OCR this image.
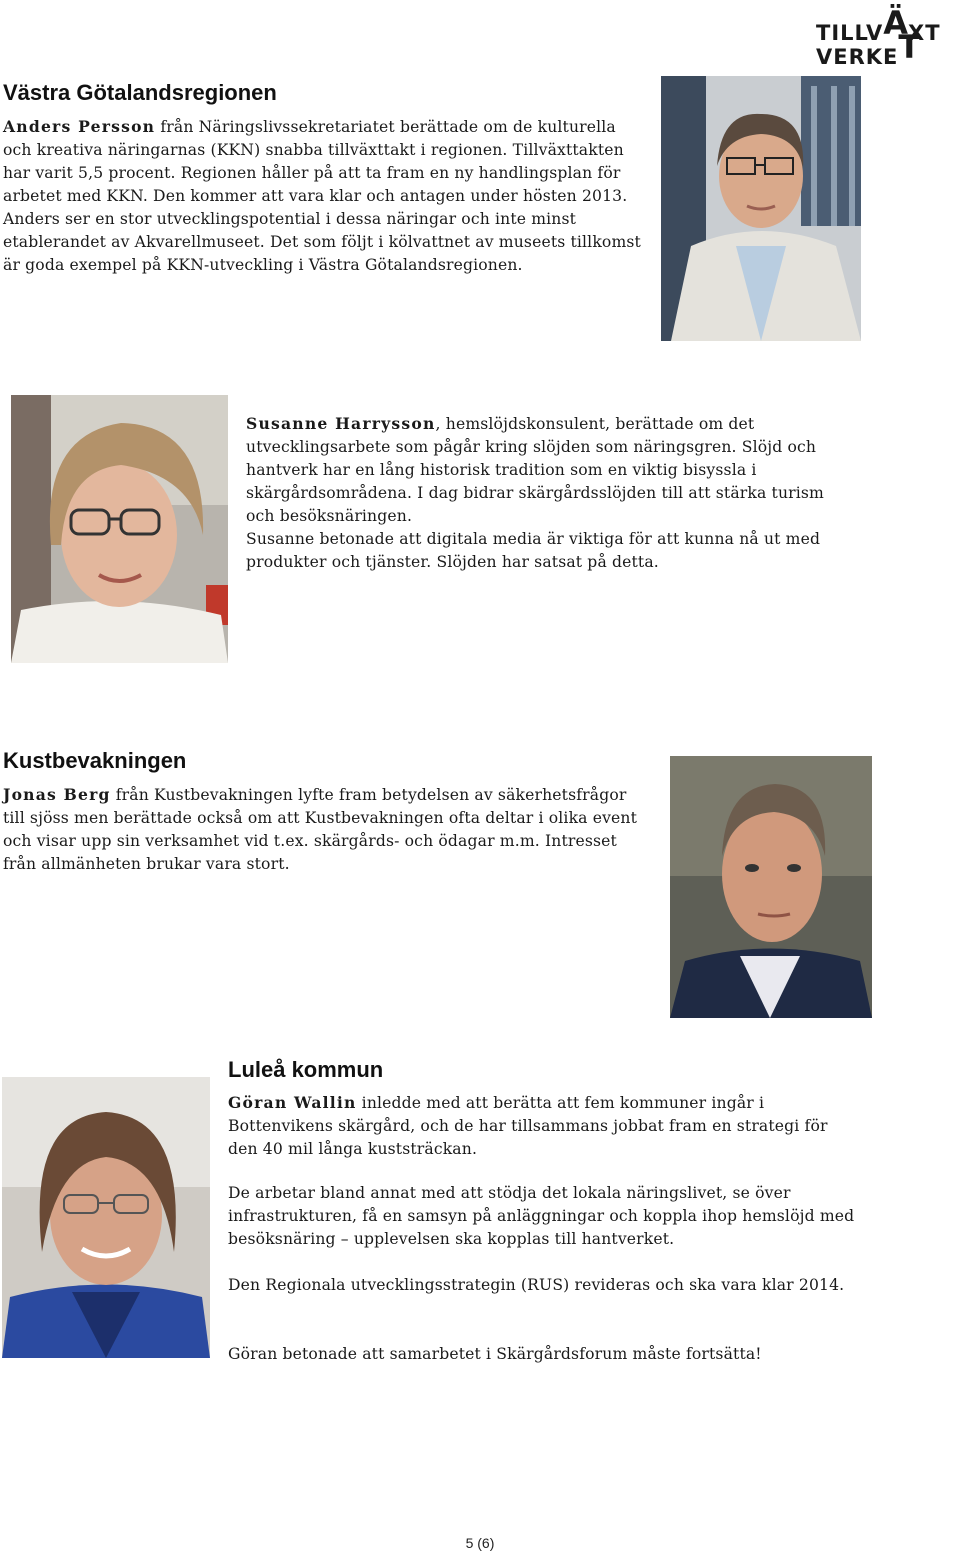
TILLVÄXT
VERKET
Västra Götalandsregionen

Anders Persson från Näringslivssekretariatet berättade om de kulturella och kreativa näringarnas (KKN) snabba tillväxttakt i regionen. Tillväxttakten har varit 5,5 procent. Regionen håller på att ta fram en ny handlingsplan för arbetet med KKN. Den kommer att vara klar och antagen under hösten 2013. Anders ser en stor utvecklingspotential i dessa näringar och inte minst etablerandet av Akvarellmuseet. Det som följt i kölvattnet av museets tillkomst är goda exempel på KKN-utveckling i Västra Götalandsregionen.

Susanne Harrysson, hemslöjdskonsulent, berättade om det utvecklingsarbete som pågår kring slöjden som näringsgren. Slöjd och hantverk har en lång historisk tradition som en viktig bisyssla i skärgårdsområdena. I dag bidrar skärgårdsslöjden till att stärka turism och besöksnäringen.
Susanne betonade att digitala media är viktiga för att kunna nå ut med produkter och tjänster. Slöjden har satsat på detta.

Kustbevakningen

Jonas Berg från Kustbevakningen lyfte fram betydelsen av säkerhetsfrågor till sjöss men berättade också om att Kustbevakningen ofta deltar i olika event och visar upp sin verksamhet vid t.ex. skärgårds- och ödagar m.m. Intresset från allmänheten brukar vara stort.

Luleå kommun

Göran Wallin inledde med att berätta att fem kommuner ingår i Bottenvikens skärgård, och de har tillsammans jobbat fram en strategi för den 40 mil långa kuststräckan.

De arbetar bland annat med att stödja det lokala näringslivet, se över infrastrukturen, få en samsyn på anläggningar och koppla ihop hemslöjd med besöksnäring – upplevelsen ska kopplas till hantverket.

Den Regionala utvecklingsstrategin (RUS) revideras och ska vara klar 2014.

Göran betonade att samarbetet i Skärgårdsforum måste fortsätta!

5 (6)
